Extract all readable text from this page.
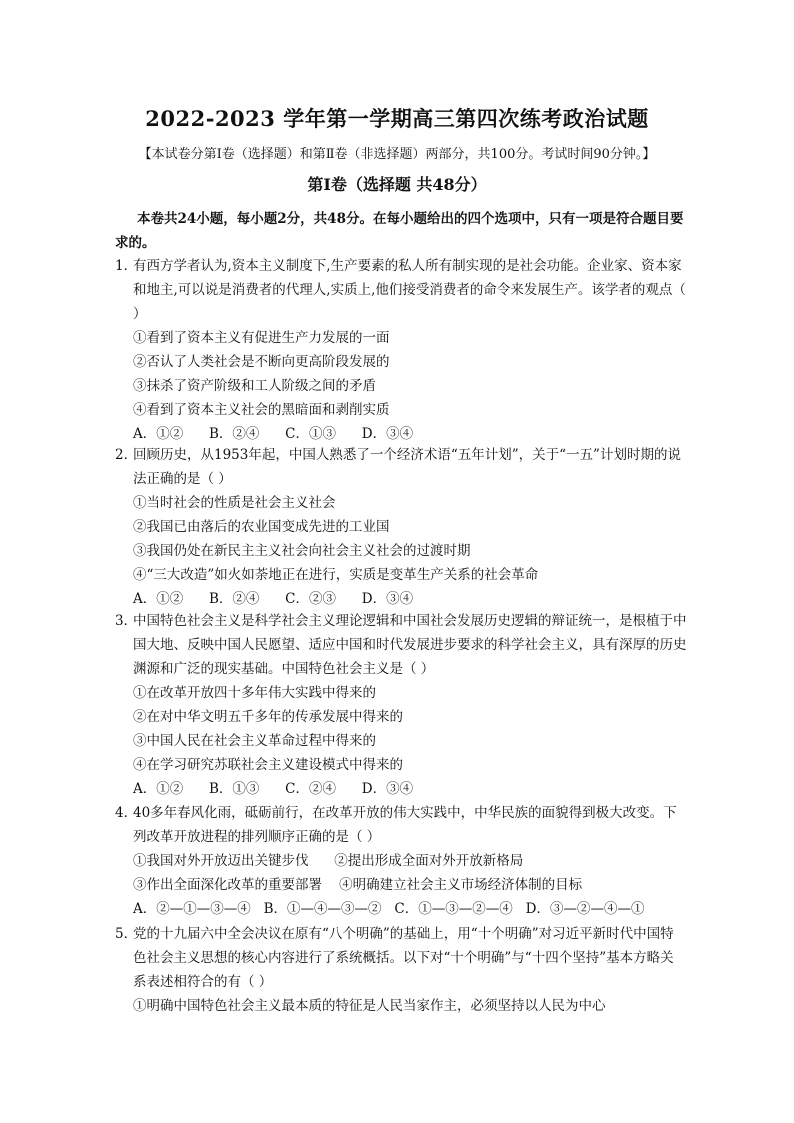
2022-2023 学年第一学期高三第四次练考政治试题
【本试卷分第Ⅰ卷（选择题）和第Ⅱ卷（非选择题）两部分，共100分。考试时间90分钟。】
第Ⅰ卷（选择题 共48分）
本卷共24小题，每小题2分，共48分。在每小题给出的四个选项中，只有一项是符合题目要求的。
1．
有西方学者认为,资本主义制度下,生产要素的私人所有制实现的是社会功能。企业家、资本家和地主,可以说是消费者的代理人,实质上,他们接受消费者的命令来发展生产。该学者的观点（ ）
①看到了资本主义有促进生产力发展的一面
②否认了人类社会是不断向更高阶段发展的
③抹杀了资产阶级和工人阶级之间的矛盾
④看到了资本主义社会的黑暗面和剥削实质
A．①②      B．②④      C．①③      D．③④
2．
回顾历史，从1953年起，中国人熟悉了一个经济术语“五年计划”，关于“一五”计划时期的说法正确的是（ ）
①当时社会的性质是社会主义社会
②我国已由落后的农业国变成先进的工业国
③我国仍处在新民主主义社会向社会主义社会的过渡时期
④“三大改造”如火如荼地正在进行，实质是变革生产关系的社会革命
A．①②      B．②④      C．②③      D．③④
3．
中国特色社会主义是科学社会主义理论逻辑和中国社会发展历史逻辑的辩证统一，是根植于中国大地、反映中国人民愿望、适应中国和时代发展进步要求的科学社会主义，具有深厚的历史渊源和广泛的现实基础。中国特色社会主义是（ ）
①在改革开放四十多年伟大实践中得来的
②在对中华文明五千多年的传承发展中得来的
③中国人民在社会主义革命过程中得来的
④在学习研究苏联社会主义建设模式中得来的
A．①②      B．①③      C．②④      D．③④
4．
40多年春风化雨，砥砺前行，在改革开放的伟大实践中，中华民族的面貌得到极大改变。下列改革开放进程的排列顺序正确的是（ ）
①我国对外开放迈出关键步伐      ②提出形成全面对外开放新格局
③作出全面深化改革的重要部署    ④明确建立社会主义市场经济体制的目标
A．②—①—③—④   B．①—④—③—②   C．①—③—②—④   D．③—②—④—①
5．
党的十九届六中全会决议在原有“八个明确”的基础上，用“十个明确”对习近平新时代中国特色社会主义思想的核心内容进行了系统概括。以下对“十个明确”与“十四个坚持”基本方略关系表述相符合的有（ ）
①明确中国特色社会主义最本质的特征是人民当家作主，必须坚持以人民为中心
